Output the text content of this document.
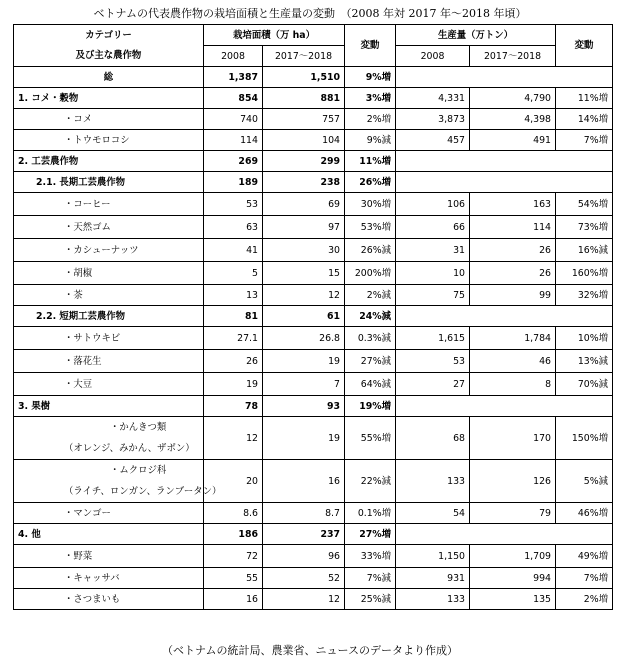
ベトナムの代表農作物の栽培面積と生産量の変動　（2008 年対 2017 年～2018 年頃）
カテゴリー	栽培面積（万 ha）		変動	生産量（万トン）		変動
及び主な農作物	2008	2017～2018		2008	2017～2018	
総	1,387	1,510	9%増			
1. コメ・穀物	854	881	3%増	4,331	4,790	11%増
・コメ	740	757	2%増	3,873	4,398	14%増
・トウモロコシ	114	104	9%減	457	491	7%増
2. 工芸農作物	269	299	11%増			
2.1. 長期工芸農作物	189	238	26%増			
・コーヒー	53	69	30%増	106	163	54%増
・天然ゴム	63	97	53%増	66	114	73%増
・カシューナッツ	41	30	26%減	31	26	16%減
・胡椒	5	15	200%増	10	26	160%増
・茶	13	12	2%減	75	99	32%増
2.2. 短期工芸農作物	81	61	24%減			
・サトウキビ	27.1	26.8	0.3%減	1,615	1,784	10%増
・落花生	26	19	27%減	53	46	13%減
・大豆	19	7	64%減	27	8	70%減
3. 果樹	78	93	19%増			

・かんきつ類
（オレンジ、みかん、ザボン）	12	19	55%増	68	170	150%増

・ムクロジ科
（ライチ、ロンガン、ランブータン）	20	16	22%減	133	126	5%減
・マンゴー	8.6	8.7	0.1%増	54	79	46%増
4. 他	186	237	27%増			
・野菜	72	96	33%増	1,150	1,709	49%増
・キャッサバ	55	52	7%減	931	994	7%増
・さつまいも	16	12	25%減	133	135	2%増
（ベトナムの統計局、農業省、ニュースのデータより作成）
